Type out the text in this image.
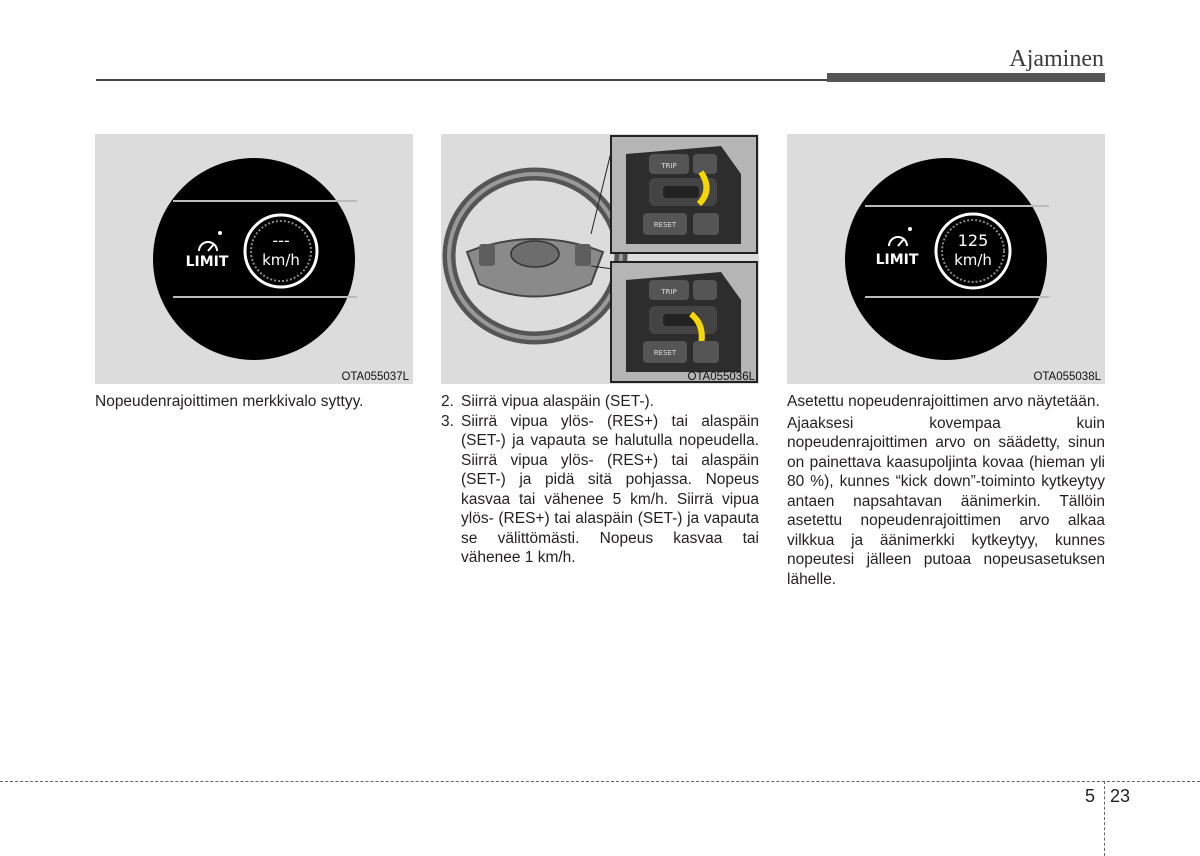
Ajaminen
---
km/h
LIMIT
OTA055037L
TRIP
RESET
TRIP
RESET
OTA055036L
125
km/h
LIMIT
OTA055038L

Nopeudenrajoittimen merkkivalo syttyy.	2. Siirrä vipua alaspäin (SET-).
3. Siirrä vipua ylös- (RES+) tai alaspäin (SET-) ja vapauta se halutulla nopeudella. Siirrä vipua ylös- (RES+) tai alaspäin (SET-) ja pidä sitä pohjassa. Nopeus kasvaa tai vähenee 5 km/h. Siirrä vipua ylös- (RES+) tai alaspäin (SET-) ja vapauta se välittömästi. Nopeus kasvaa tai vähenee 1 km/h.

Asetettu nopeudenrajoittimen arvo näytetään.

Ajaaksesi kovempaa kuin nopeudenrajoittimen arvo on säädetty, sinun on painettava kaasupoljinta kovaa (hieman yli 80 %), kunnes “kick down”-toiminto kytkeytyy antaen napsahtavan äänimerkin. Tällöin asetettu nopeudenrajoittimen arvo alkaa vilkkua ja äänimerkki kytkeytyy, kunnes nopeutesi jälleen putoaa nopeusasetuksen lähelle.

5 23
